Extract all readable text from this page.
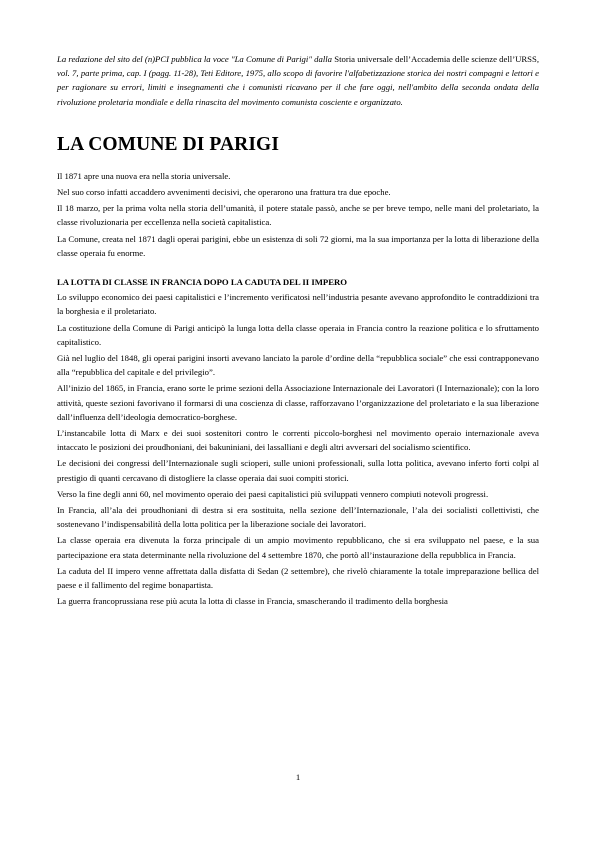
La redazione del sito del (n)PCI pubblica la voce "La Comune di Parigi" dalla Storia universale dell’Accademia delle scienze dell’URSS, vol. 7, parte prima, cap. I (pagg. 11-28), Teti Editore, 1975, allo scopo di favorire l'alfabetizzazione storica dei nostri compagni e lettori e per ragionare su errori, limiti e insegnamenti che i comunisti ricavano per il che fare oggi, nell'ambito della seconda ondata della rivoluzione proletaria mondiale e della rinascita del movimento comunista cosciente e organizzato.

LA COMUNE DI PARIGI

Il 1871 apre una nuova era nella storia universale.

Nel suo corso infatti accaddero avvenimenti decisivi, che operarono una frattura tra due epoche.

Il 18 marzo, per la prima volta nella storia dell’umanità, il potere statale passò, anche se per breve tempo, nelle mani del proletariato, la classe rivoluzionaria per eccellenza nella società capitalistica.

La Comune, creata nel 1871 dagli operai parigini, ebbe un esistenza di soli 72 giorni, ma la sua importanza per la lotta di liberazione della classe operaia fu enorme.

LA LOTTA DI CLASSE IN FRANCIA DOPO LA CADUTA DEL II IMPERO

Lo sviluppo economico dei paesi capitalistici e l’incremento verificatosi nell’industria pesante avevano approfondito le contraddizioni tra la borghesia e il proletariato.

La costituzione della Comune di Parigi anticipò la lunga lotta della classe operaia in Francia contro la reazione politica e lo sfruttamento capitalistico.

Già nel luglio del 1848, gli operai parigini insorti avevano lanciato la parole d’ordine della “repubblica sociale” che essi contrapponevano alla “repubblica del capitale e del privilegio”.

All’inizio del 1865, in Francia, erano sorte le prime sezioni della Associazione Internazionale dei Lavoratori (I Internazionale); con la loro attività, queste sezioni favorivano il formarsi di una coscienza di classe, rafforzavano l’organizzazione del proletariato e la sua liberazione dall’influenza dell’ideologia democratico-borghese.

L’instancabile lotta di Marx e dei suoi sostenitori contro le correnti piccolo-borghesi nel movimento operaio internazionale aveva intaccato le posizioni dei proudhoniani, dei bakuniniani, dei lassalliani e degli altri avversari del socialismo scientifico.

Le decisioni dei congressi dell’Internazionale sugli scioperi, sulle unioni professionali, sulla lotta politica, avevano inferto forti colpi al prestigio di quanti cercavano di distogliere la classe operaia dai suoi compiti storici.

Verso la fine degli anni 60, nel movimento operaio dei paesi capitalistici più sviluppati vennero compiuti notevoli progressi.

In Francia, all’ala dei proudhoniani di destra si era sostituita, nella sezione dell’Internazionale, l’ala dei socialisti collettivisti, che sostenevano l’indispensabilità della lotta politica per la liberazione sociale dei lavoratori.

La classe operaia era divenuta la forza principale di un ampio movimento repubblicano, che si era sviluppato nel paese, e la sua partecipazione era stata determinante nella rivoluzione del 4 settembre 1870, che portò all’instaurazione della repubblica in Francia.

La caduta del II impero venne affrettata dalla disfatta di Sedan (2 settembre), che rivelò chiaramente la totale impreparazione bellica del paese e il fallimento del regime bonapartista.

La guerra francoprussiana rese più acuta la lotta di classe in Francia, smascherando il tradimento della borghesia

1
